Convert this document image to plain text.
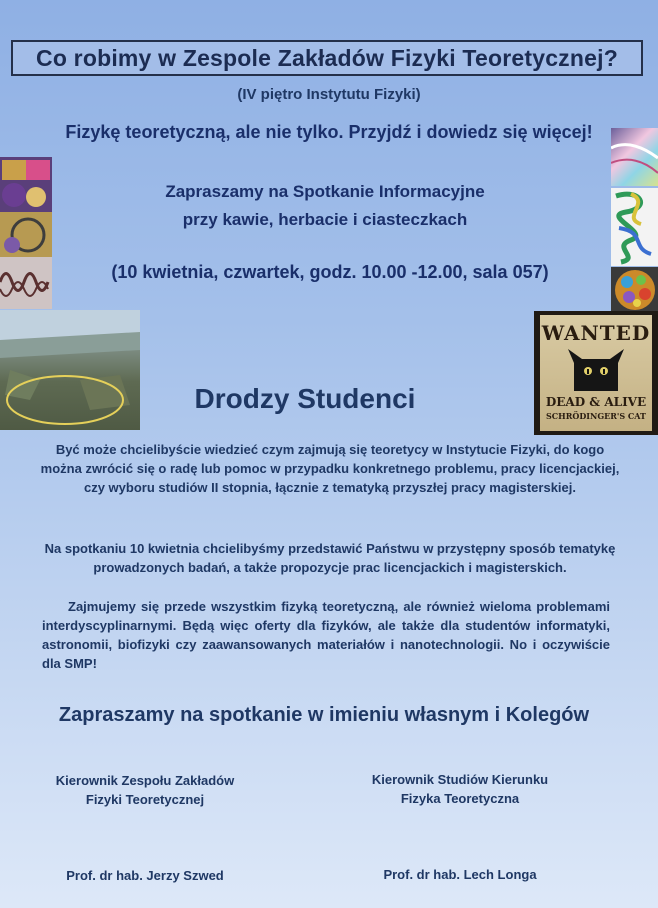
Co robimy w Zespole Zakładów Fizyki Teoretycznej?
(IV piętro Instytutu Fizyki)
Fizykę teoretyczną, ale nie tylko. Przyjdź i dowiedz się więcej!
Zapraszamy na Spotkanie Informacyjne
przy kawie, herbacie i ciasteczkach
(10 kwietnia, czwartek, godz. 10.00 -12.00, sala 057)
WANTED
DEAD & ALIVE
SCHRÖDINGER'S CAT
Drodzy Studenci
Być może chcielibyście wiedzieć czym zajmują się teoretycy w Instytucie Fizyki, do kogo można zwrócić się o radę lub pomoc w przypadku konkretnego problemu, pracy licencjackiej, czy wyboru studiów II stopnia, łącznie z tematyką przyszłej pracy magisterskiej.
Na spotkaniu 10 kwietnia chcielibyśmy przedstawić Państwu w przystępny sposób tematykę prowadzonych badań, a także propozycje prac licencjackich i magisterskich.
Zajmujemy się przede wszystkim fizyką teoretyczną, ale również wieloma problemami interdyscyplinarnymi. Będą więc oferty dla fizyków, ale także dla studentów informatyki, astronomii, biofizyki czy zaawansowanych materiałów i nanotechnologii. No i oczywiście dla SMP!
Zapraszamy na spotkanie w imieniu własnym i Kolegów
Kierownik Zespołu Zakładów
Fizyki Teoretycznej
Kierownik Studiów Kierunku
Fizyka Teoretyczna
Prof. dr hab. Jerzy Szwed	Prof. dr hab. Lech Longa
